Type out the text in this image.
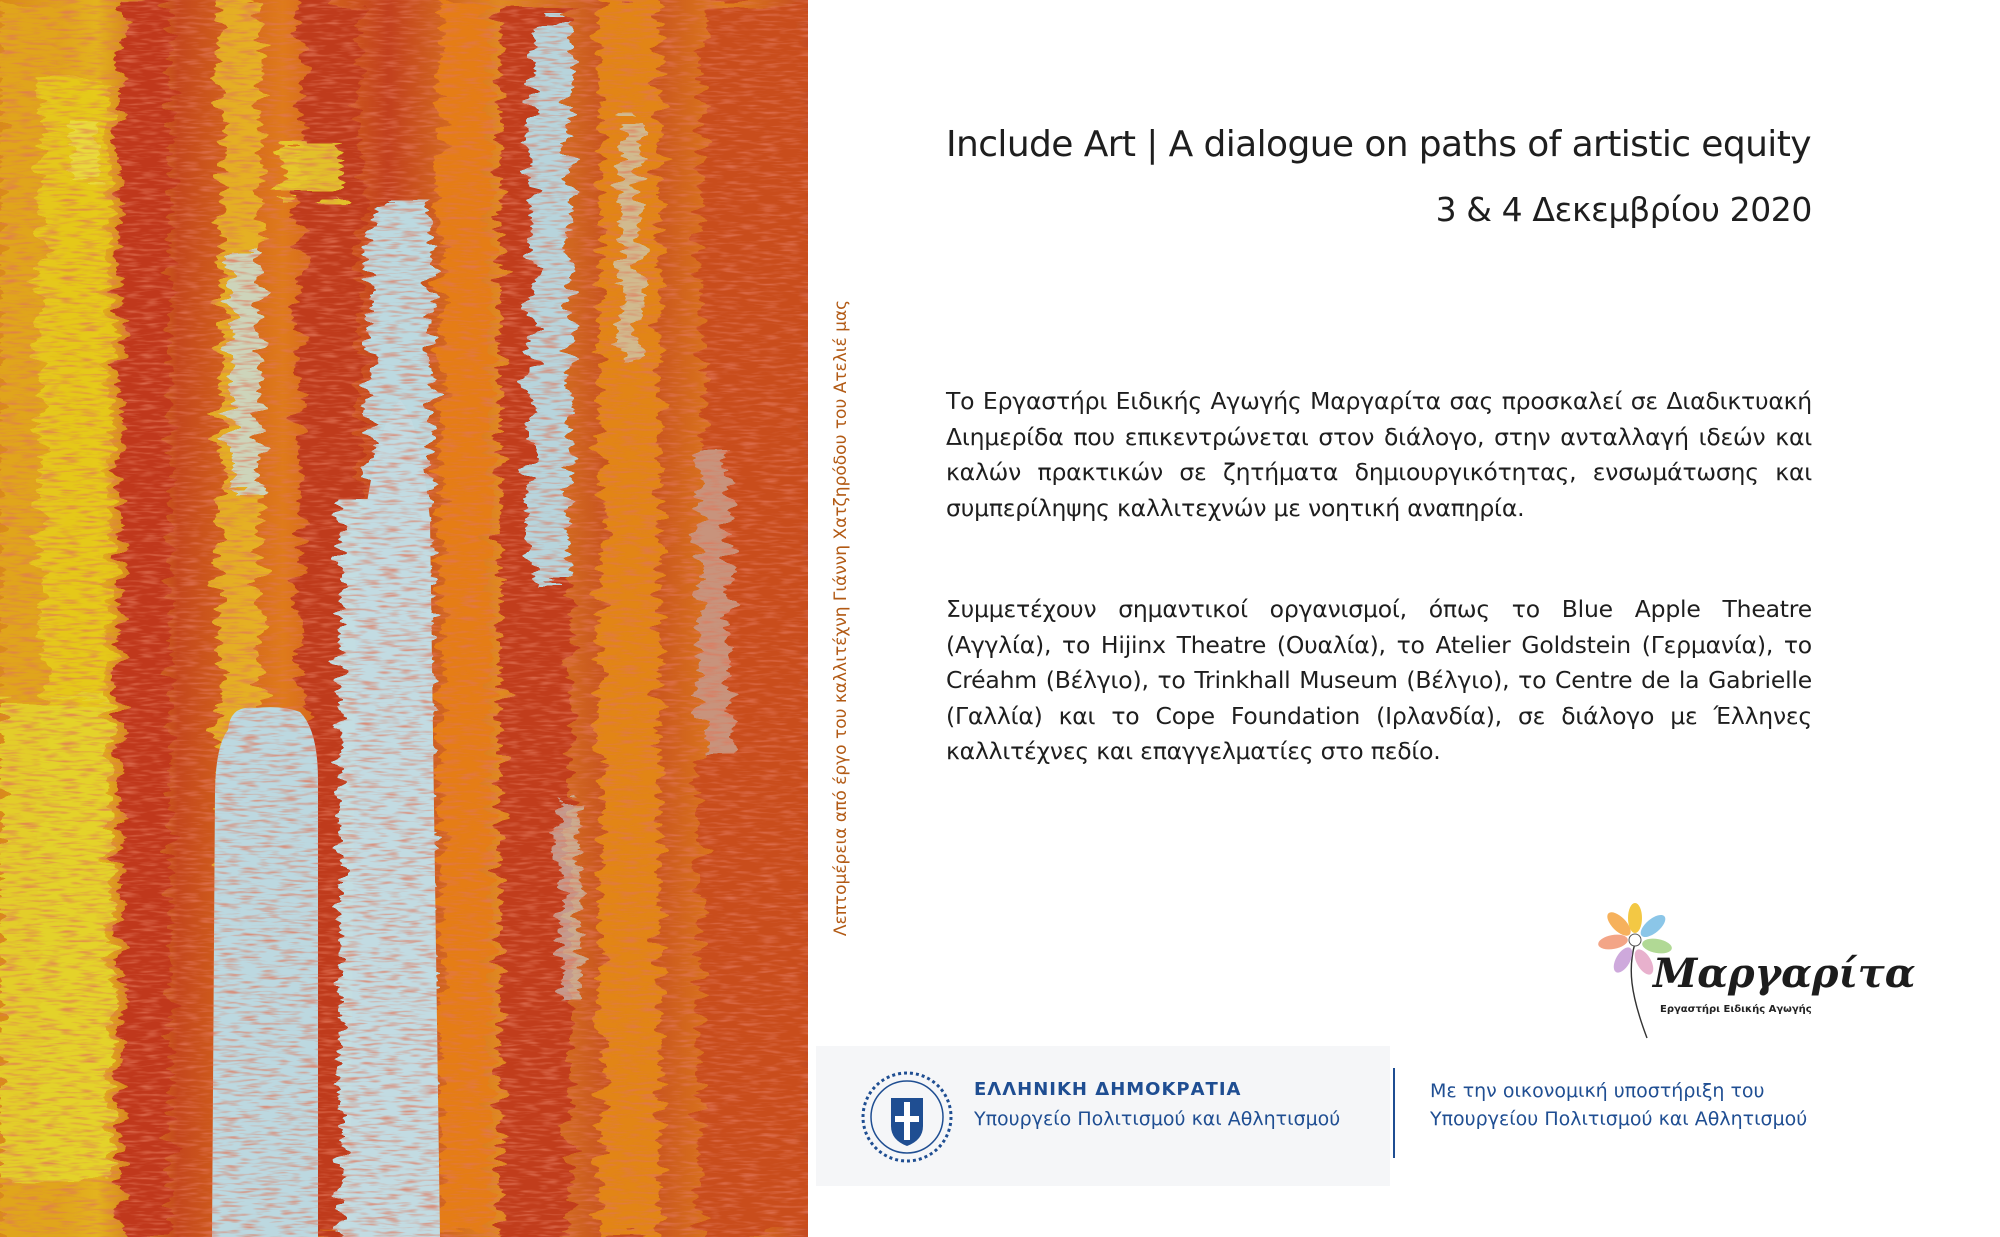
Λεπτομέρεια από έργο του καλλιτέχνη Γιάννη Χατζηρόδου του Ατελιέ μας
Include Art | A dialogue on paths of artistic equity
3 & 4 Δεκεμβρίου 2020
Το Εργαστήρι Ειδικής Αγωγής Μαργαρίτα σας προσκαλεί σε Διαδικτυακή Διημερίδα που επικεντρώνεται στον διάλογο, στην ανταλλαγή ιδεών και καλών πρακτικών σε ζητήματα δημιουργικότητας, ενσωμάτωσης και συμπερίληψης καλλιτεχνών με νοητική αναπηρία.
Συμμετέχουν σημαντικοί οργανισμοί, όπως το Blue Apple Theatre (Αγγλία), το Hijinx Theatre (Ουαλία), το Atelier Goldstein (Γερμανία), το Créahm (Βέλγιο), το Trinkhall Museum (Βέλγιο), το Centre de la Gabrielle (Γαλλία) και το Cope Foundation (Ιρλανδία), σε διάλογο με Έλληνες καλλιτέχνες και επαγγελματίες στο πεδίο.
Μαργαρίτα
Εργαστήρι Ειδικής Αγωγής
ΕΛΛΗΝΙΚΗ ΔΗΜΟΚΡΑΤΙΑ
Υπουργείο Πολιτισμού και Αθλητισμού
Με την οικονομική υποστήριξη του
Υπουργείου Πολιτισμού και Αθλητισμού
